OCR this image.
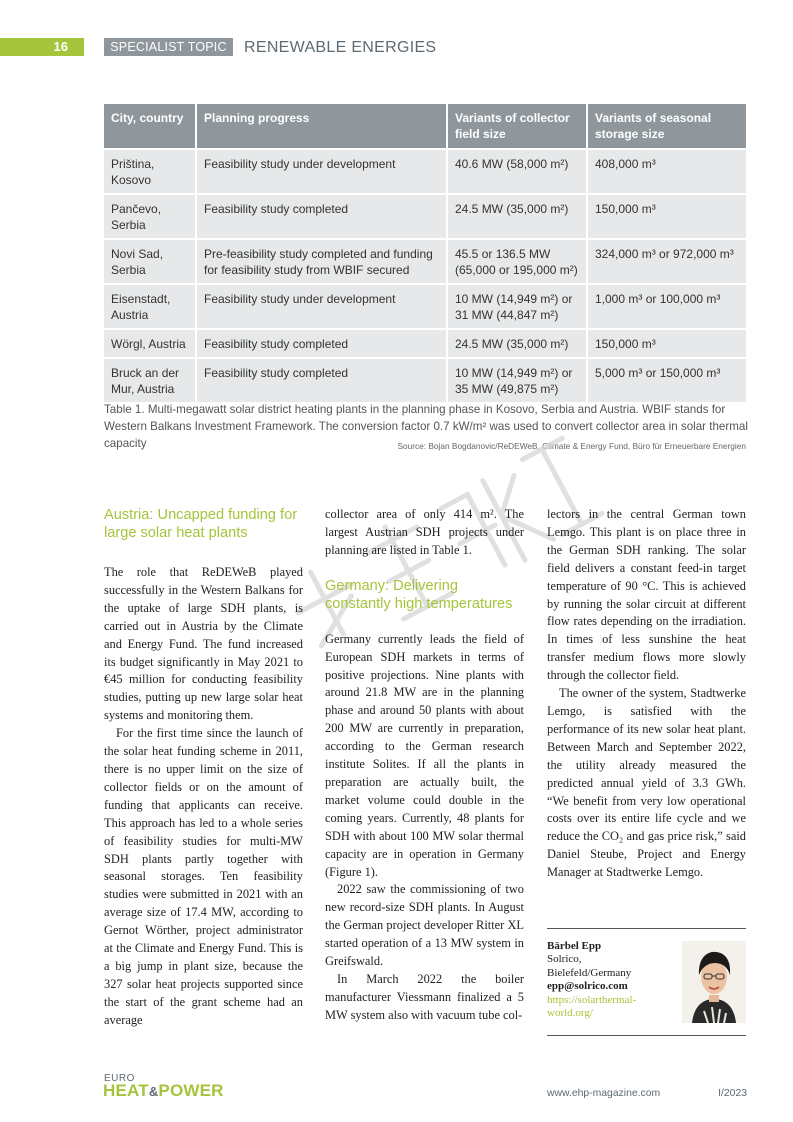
16	SPECIALIST TOPIC	RENEWABLE ENERGIES
City, country	Planning progress	Variants of collector field size	Variants of seasonal storage size
Priština, Kosovo	Feasibility study under development	40.6 MW (58,000 m²)	408,000 m³
Pančevo, Serbia	Feasibility study completed	24.5 MW (35,000 m²)	150,000 m³
Novi Sad, Serbia	Pre-feasibility study completed and funding for feasibility study from WBIF secured	45.5 or 136.5 MW (65,000 or 195,000 m²)	324,000 m³ or 972,000 m³
Eisenstadt, Austria	Feasibility study under development	10 MW (14,949 m²) or 31 MW (44,847 m²)	1,000 m³ or 100,000 m³
Wörgl, Austria	Feasibility study completed	24.5 MW (35,000 m²)	150,000 m³
Bruck an der Mur, Austria	Feasibility study completed	10 MW (14,949 m²) or 35 MW (49,875 m²)	5,000 m³ or 150,000 m³
Table 1. Multi-megawatt solar district heating plants in the planning phase in Kosovo, Serbia and Austria. WBIF stands for Western Balkans Investment Framework. The conversion factor 0.7 kW/m² was used to convert collector area in solar thermal capacity	Source: Bojan Bogdanovic/ReDEWeB, Climate & Energy Fund, Büro für Erneuerbare Energien
Austria: Uncapped funding for large solar heat plants

The role that ReDEWeB played successfully in the Western Balkans for the uptake of large SDH plants, is carried out in Austria by the Climate and Energy Fund. The fund increased its budget significantly in May 2021 to €45 million for conducting feasibility studies, putting up new large solar heat systems and monitoring them.

For the first time since the launch of the solar heat funding scheme in 2011, there is no upper limit on the size of collector fields or on the amount of funding that applicants can receive. This approach has led to a whole series of feasibility studies for multi-MW SDH plants partly together with seasonal storages. Ten feasibility studies were submitted in 2021 with an average size of 17.4 MW, according to Gernot Wörther, project administrator at the Climate and Energy Fund. This is a big jump in plant size, because the 327 solar heat projects supported since the start of the grant scheme had an average

collector area of only 414 m². The largest Austrian SDH projects under planning are listed in Table 1.

Germany: Delivering constantly high temperatures

Germany currently leads the field of European SDH markets in terms of positive projections. Nine plants with around 21.8 MW are in the planning phase and around 50 plants with about 200 MW are currently in preparation, according to the German research institute Solites. If all the plants in preparation are actually built, the market volume could double in the coming years. Currently, 48 plants for SDH with about 100 MW solar thermal capacity are in operation in Germany (Figure 1).

2022 saw the commissioning of two new record-size SDH plants. In August the German project developer Ritter XL started operation of a 13 MW system in Greifswald.

In March 2022 the boiler manufacturer Viessmann finalized a 5 MW system also with vacuum tube col-

lectors in the central German town Lemgo. This plant is on place three in the German SDH ranking. The solar field delivers a constant feed-in target temperature of 90 °C. This is achieved by running the solar circuit at different flow rates depending on the irradiation. In times of less sunshine the heat transfer medium flows more slowly through the collector field.

The owner of the system, Stadtwerke Lemgo, is satisfied with the performance of its new solar heat plant. Between March and September 2022, the utility already measured the predicted annual yield of 3.3 GWh. “We benefit from very low operational costs over its entire life cycle and we reduce the CO₂ and gas price risk,” said Daniel Steube, Project and Energy Manager at Stadtwerke Lemgo.

Bärbel Epp
Solrico,
Bielefeld/Germany
epp@solrico.com
https://solarthermal-world.org/
EURO
HEAT&POWER	www.ehp-magazine.com	I/2023
